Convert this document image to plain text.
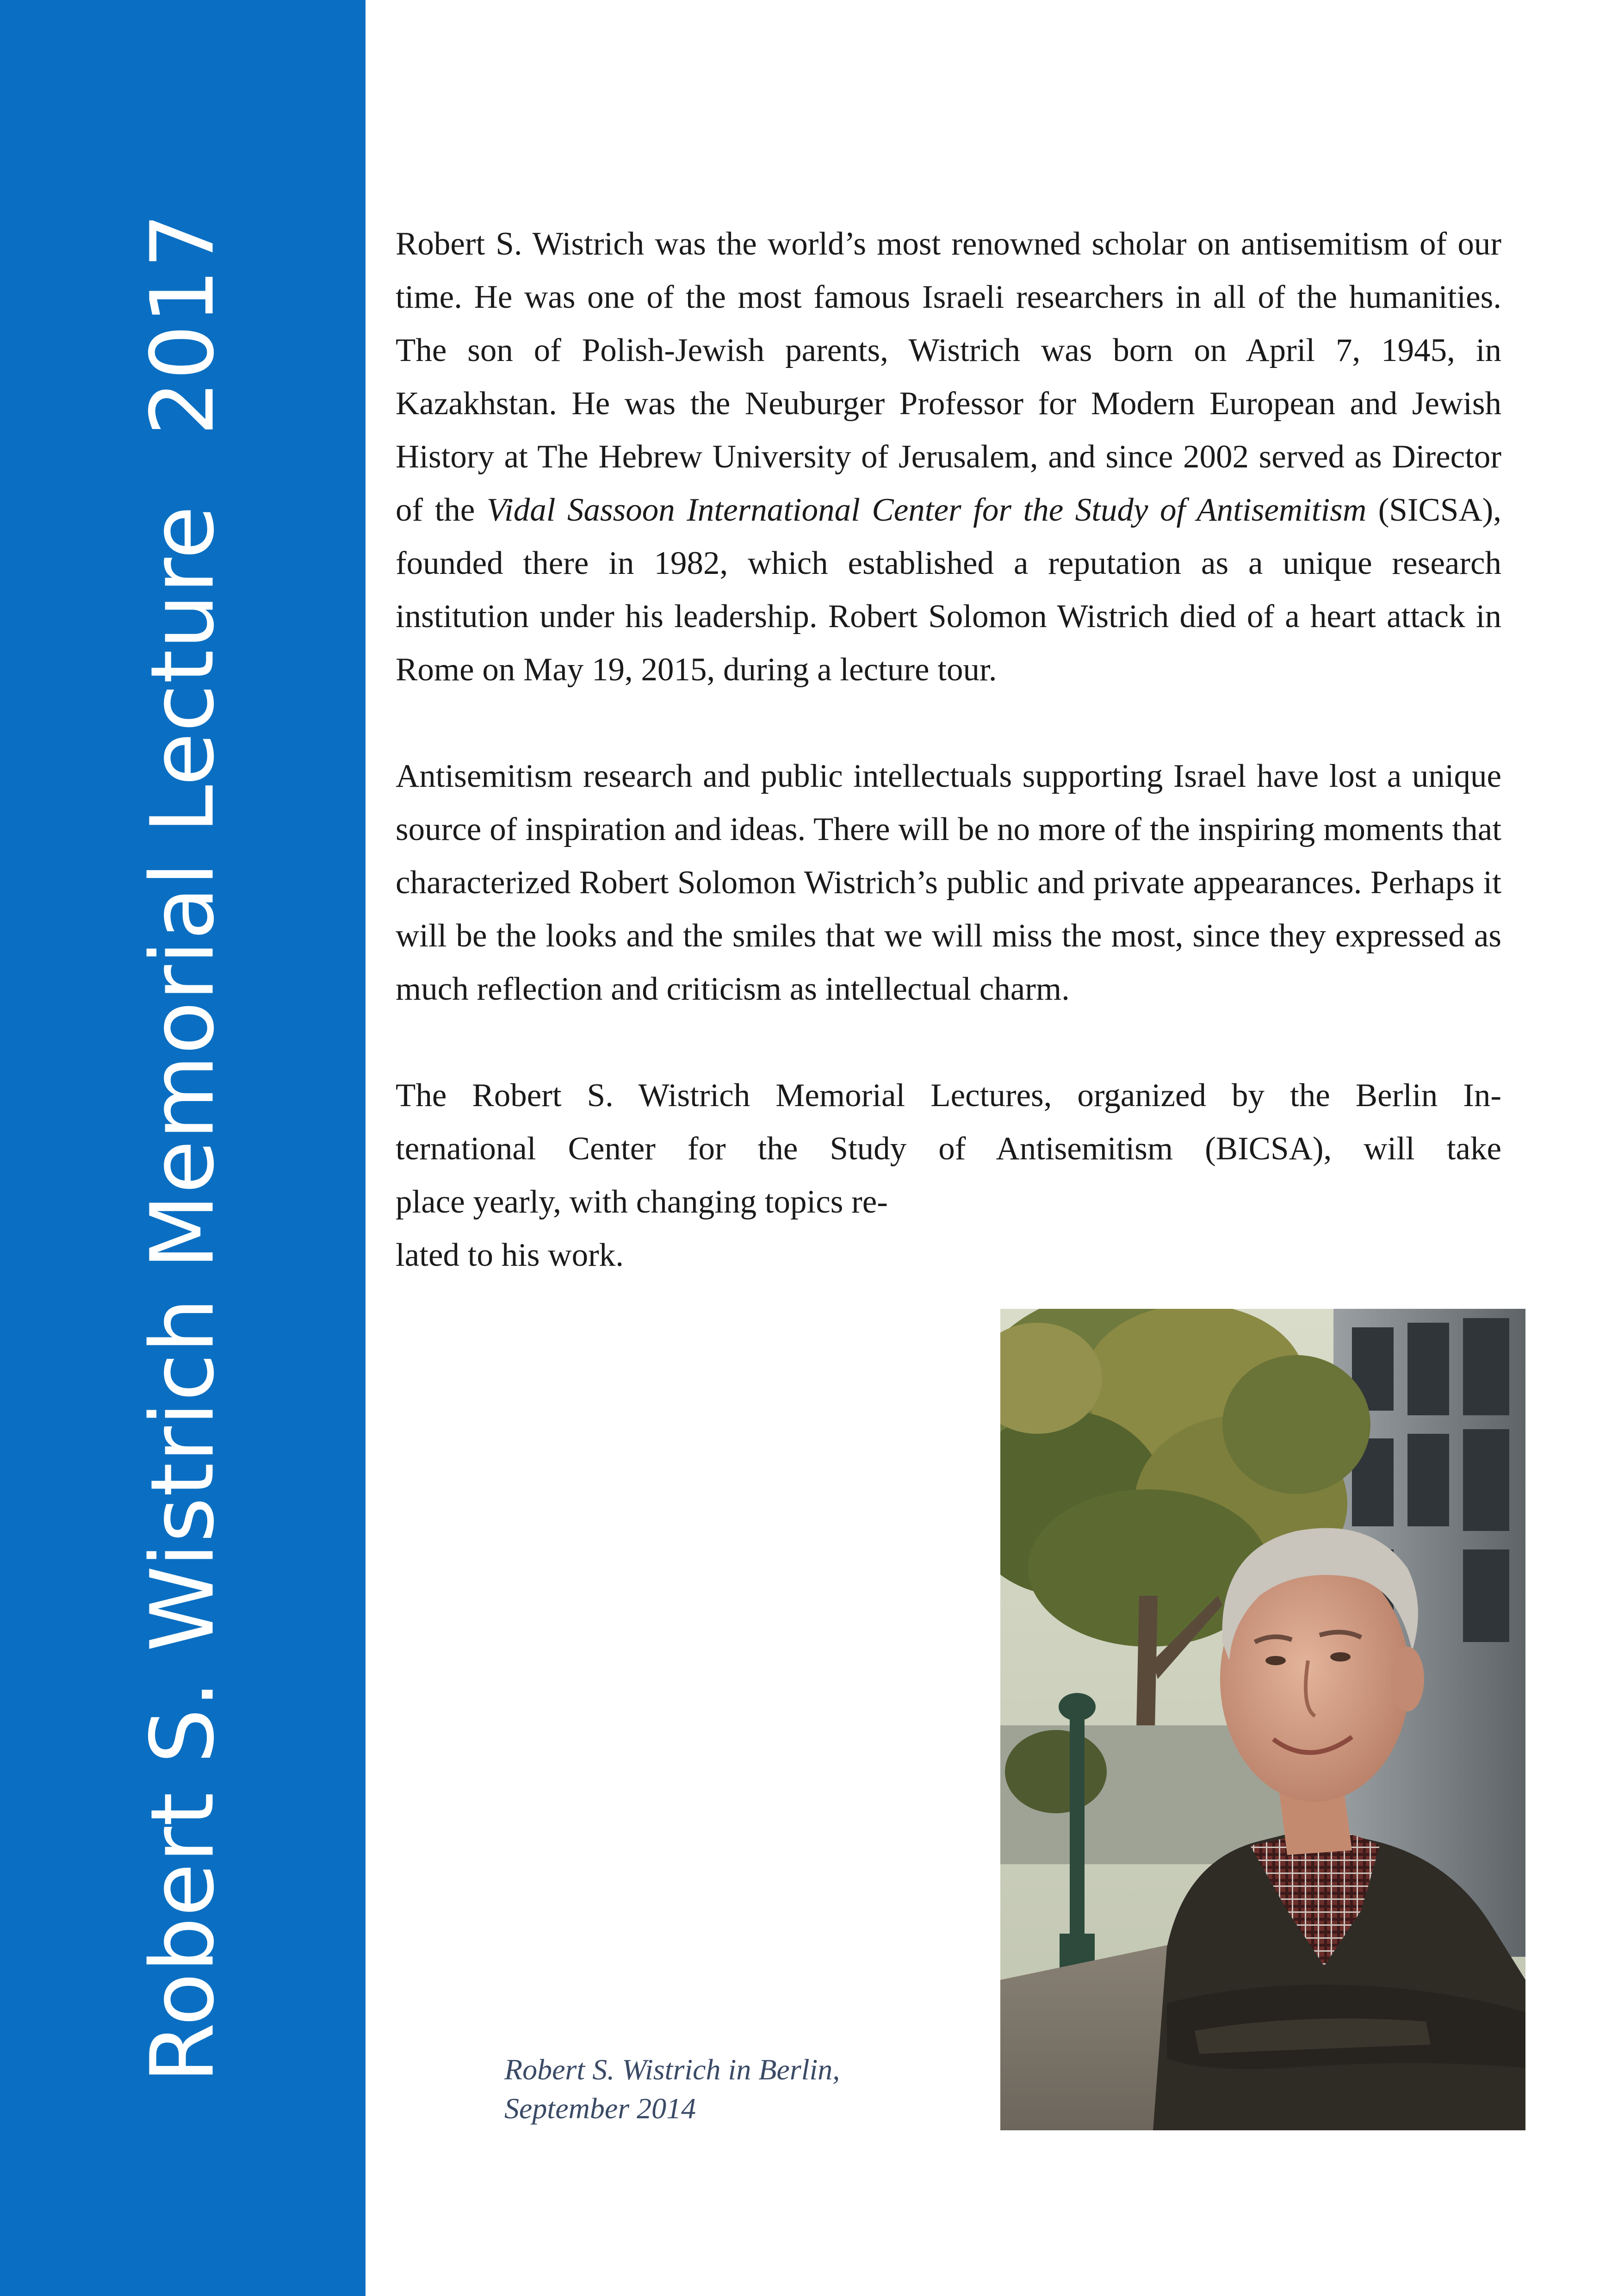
Robert S. Wistrich Memorial Lecture
2017	Robert S. Wistrich was the world’s most renowned scholar on antisemitism of our time. He was one of the most famous Israeli researchers in all of the humanities. The son of Polish-Jewish parents, Wistrich was born on April 7, 1945, in Kazakhstan. He was the Neuburger Professor for Modern European and Jewish History at The Hebrew University of Jerusalem, and since 2002 served as Director of the Vidal Sassoon International Center for the Study of Antisemitism (SICSA), founded there in 1982, which established a reputation as a unique research institution under his leadership. Robert Solomon Wistrich died of a heart attack in Rome on May 19, 2015, during a lecture tour.

Antisemitism research and public intellectuals supporting Israel have lost a unique source of inspiration and ideas. There will be no more of the inspiring moments that characterized Robert Solomon Wistrich’s public and private appearances. Perhaps it will be the looks and the smiles that we will miss the most, since they expressed as much reflection and criticism as intellectual charm.

The Robert S. Wistrich Memorial Lectures, organized by the Berlin In-
ternational Center for the Study of Antisemitism (BICSA), will take
place yearly, with changing topics re-
lated to his work.
Robert S. Wistrich in Berlin,
September 2014
